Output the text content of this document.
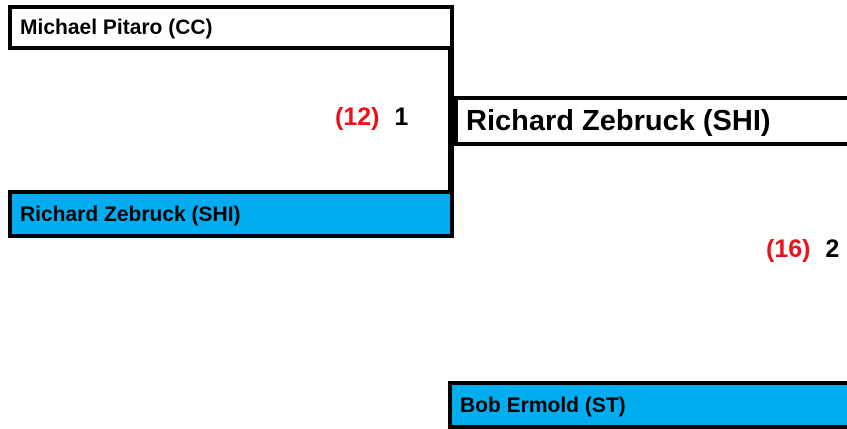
Michael Pitaro (CC)
Richard Zebruck (SHI)
(12) 1 Richard Zebruck (SHI)
(16) 2
Bob Ermold (ST)
